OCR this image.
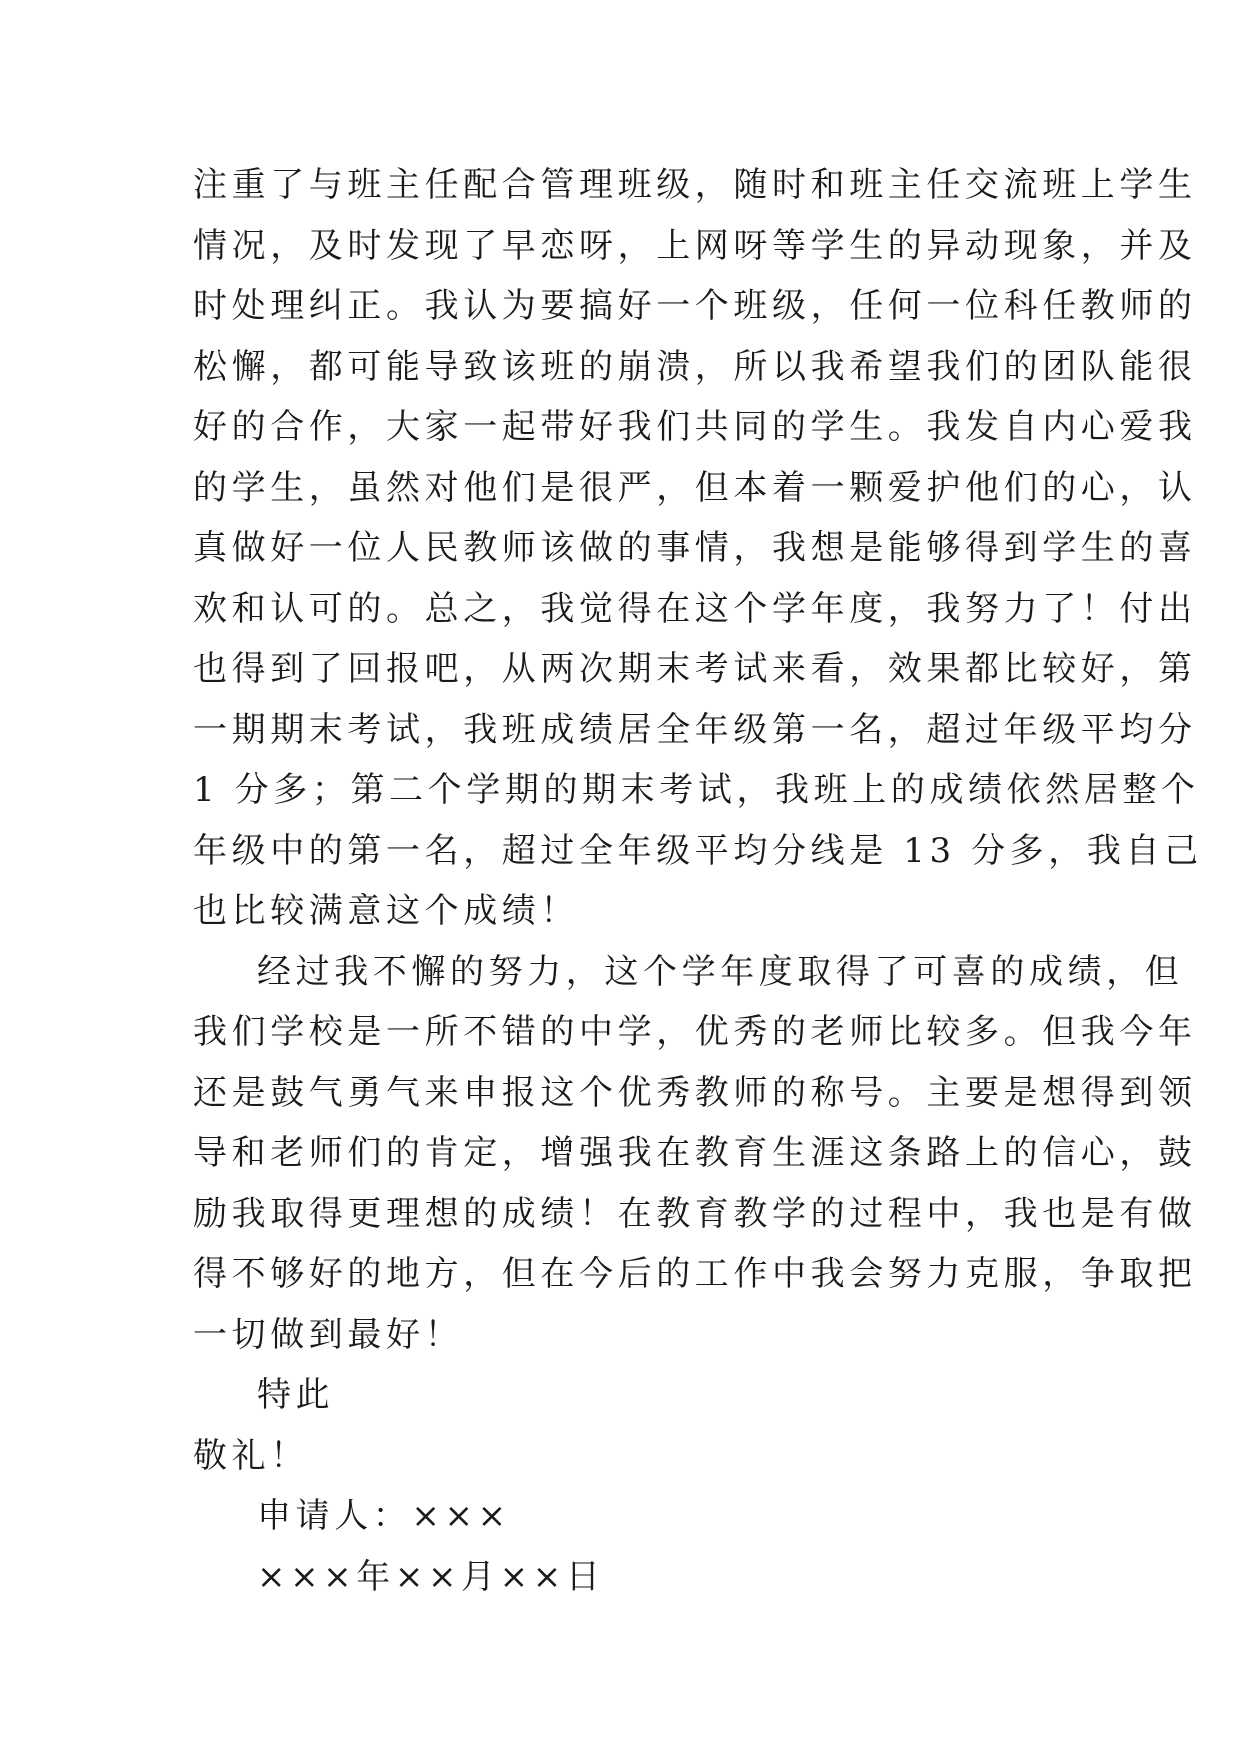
注重了与班主任配合管理班级，随时和班主任交流班上学生
情况，及时发现了早恋呀，上网呀等学生的异动现象，并及
时处理纠正。我认为要搞好一个班级，任何一位科任教师的
松懈，都可能导致该班的崩溃，所以我希望我们的团队能很
好的合作，大家一起带好我们共同的学生。我发自内心爱我
的学生，虽然对他们是很严，但本着一颗爱护他们的心，认
真做好一位人民教师该做的事情，我想是能够得到学生的喜
欢和认可的。总之，我觉得在这个学年度，我努力了！付出
也得到了回报吧，从两次期末考试来看，效果都比较好，第
一期期末考试，我班成绩居全年级第一名，超过年级平均分
1 分多；第二个学期的期末考试，我班上的成绩依然居整个
年级中的第一名，超过全年级平均分线是 13 分多，我自己
也比较满意这个成绩！
经过我不懈的努力，这个学年度取得了可喜的成绩，但
我们学校是一所不错的中学，优秀的老师比较多。但我今年
还是鼓气勇气来申报这个优秀教师的称号。主要是想得到领
导和老师们的肯定，增强我在教育生涯这条路上的信心，鼓
励我取得更理想的成绩！在教育教学的过程中，我也是有做
得不够好的地方，但在今后的工作中我会努力克服，争取把
一切做到最好！
特此
敬礼！
申请人：×××
×××年××月××日
